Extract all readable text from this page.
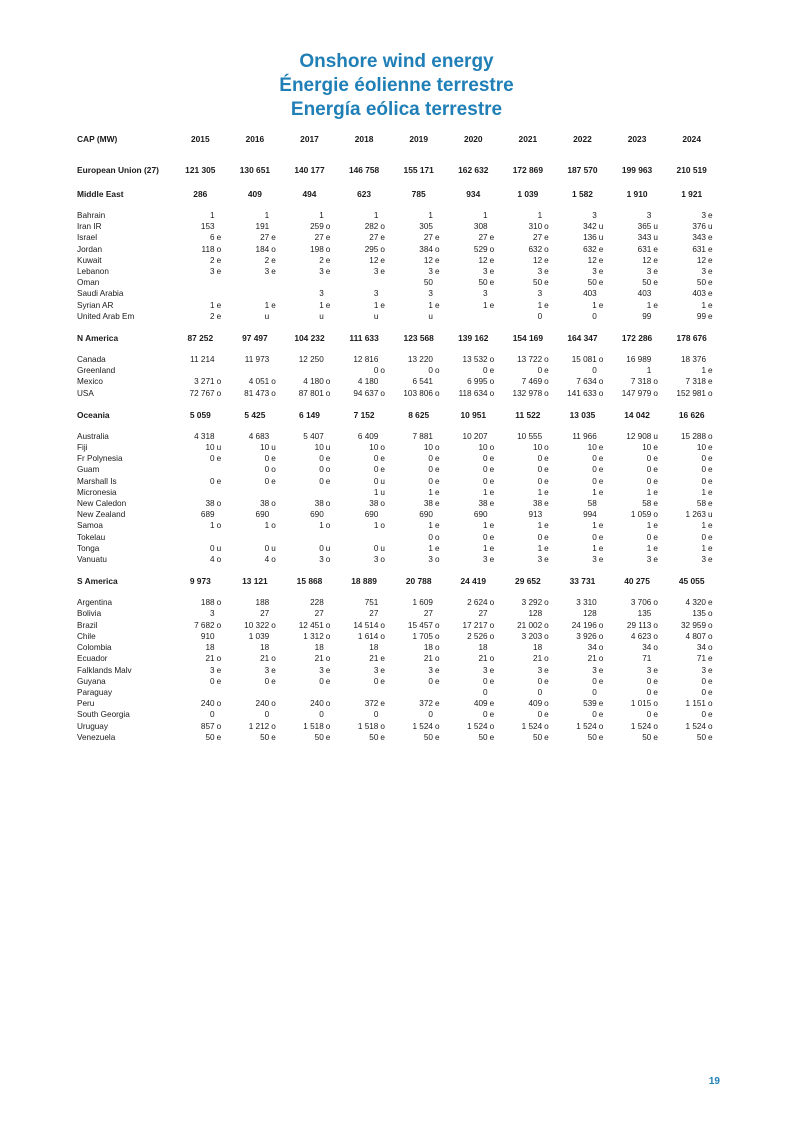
Onshore wind energy
Énergie éolienne terrestre
Energía eólica terrestre
CAP (MW)	2015	2016	2017	2018	2019	2020	2021	2022	2023	2024

European Union (27)	121 305	130 651	140 177	146 758	155 171	162 632	172 869	187 570	199 963	210 519

Middle East	286	409	494	623	785	934	1 039	1 582	1 910	1 921

Bahrain	1	1	1	1	1	1	1	3	3	3 e
Iran IR	153	191	259 o	282 o	305	308	310 o	342 u	365 u	376 u
Israel	6 e	27 e	27 e	27 e	27 e	27 e	27 e	136 u	343 u	343 e
Jordan	118 o	184 o	198 o	295 o	384 o	529 o	632 o	632 e	631 e	631 e
Kuwait	2 e	2 e	2 e	12 e	12 e	12 e	12 e	12 e	12 e	12 e
Lebanon	3 e	3 e	3 e	3 e	3 e	3 e	3 e	3 e	3 e	3 e
Oman					50	50 e	50 e	50 e	50 e	50 e
Saudi Arabia			3	3	3	3	3	403	403	403 e
Syrian AR	1 e	1 e	1 e	1 e	1 e	1 e	1 e	1 e	1 e	1 e
United Arab Em	2 e	u	u	u	u		0	0	99	99 e

N America	87 252	97 497	104 232	111 633	123 568	139 162	154 169	164 347	172 286	178 676

Canada	11 214	11 973	12 250	12 816	13 220	13 532 o	13 722 o	15 081 o	16 989	18 376
Greenland				0 o	0 o	0 e	0 e	0	1	1 e
Mexico	3 271 o	4 051 o	4 180 o	4 180	6 541	6 995 o	7 469 o	7 634 o	7 318 o	7 318 e
USA	72 767 o	81 473 o	87 801 o	94 637 o	103 806 o	118 634 o	132 978 o	141 633 o	147 979 o	152 981 o

Oceania	5 059	5 425	6 149	7 152	8 625	10 951	11 522	13 035	14 042	16 626

Australia	4 318	4 683	5 407	6 409	7 881	10 207	10 555	11 966	12 908 u	15 288 o
Fiji	10 u	10 u	10 u	10 o	10 o	10 o	10 o	10 e	10 e	10 e
Fr Polynesia	0 e	0 e	0 e	0 e	0 e	0 e	0 e	0 e	0 e	0 e
Guam		0 o	0 o	0 e	0 e	0 e	0 e	0 e	0 e	0 e
Marshall Is	0 e	0 e	0 e	0 u	0 e	0 e	0 e	0 e	0 e	0 e
Micronesia				1 u	1 e	1 e	1 e	1 e	1 e	1 e
New Caledon	38 o	38 o	38 o	38 o	38 e	38 e	38 e	58	58 e	58 e
New Zealand	689	690	690	690	690	690	913	994	1 059 o	1 263 u
Samoa	1 o	1 o	1 o	1 o	1 e	1 e	1 e	1 e	1 e	1 e
Tokelau					0 o	0 e	0 e	0 e	0 e	0 e
Tonga	0 u	0 u	0 u	0 u	1 e	1 e	1 e	1 e	1 e	1 e
Vanuatu	4 o	4 o	3 o	3 o	3 o	3 e	3 e	3 e	3 e	3 e

S America	9 973	13 121	15 868	18 889	20 788	24 419	29 652	33 731	40 275	45 055

Argentina	188 o	188	228	751	1 609	2 624 o	3 292 o	3 310	3 706 o	4 320 e
Bolivia	3	27	27	27	27	27	128	128	135	135 o
Brazil	7 682 o	10 322 o	12 451 o	14 514 o	15 457 o	17 217 o	21 002 o	24 196 o	29 113 o	32 959 o
Chile	910	1 039	1 312 o	1 614 o	1 705 o	2 526 o	3 203 o	3 926 o	4 623 o	4 807 o
Colombia	18	18	18	18	18 o	18	18	34 o	34 o	34 o
Ecuador	21 o	21 o	21 o	21 e	21 o	21 o	21 o	21 o	71	71 e
Falklands Malv	3 e	3 e	3 e	3 e	3 e	3 e	3 e	3 e	3 e	3 e
Guyana	0 e	0 e	0 e	0 e	0 e	0 e	0 e	0 e	0 e	0 e
Paraguay						0	0	0	0 e	0 e
Peru	240 o	240 o	240 o	372 e	372 e	409 e	409 o	539 e	1 015 o	1 151 o
South Georgia	0	0	0	0	0	0 e	0 e	0 e	0 e	0 e
Uruguay	857 o	1 212 o	1 518 o	1 518 o	1 524 o	1 524 o	1 524 o	1 524 o	1 524 o	1 524 o
Venezuela	50 e	50 e	50 e	50 e	50 e	50 e	50 e	50 e	50 e	50 e
19
